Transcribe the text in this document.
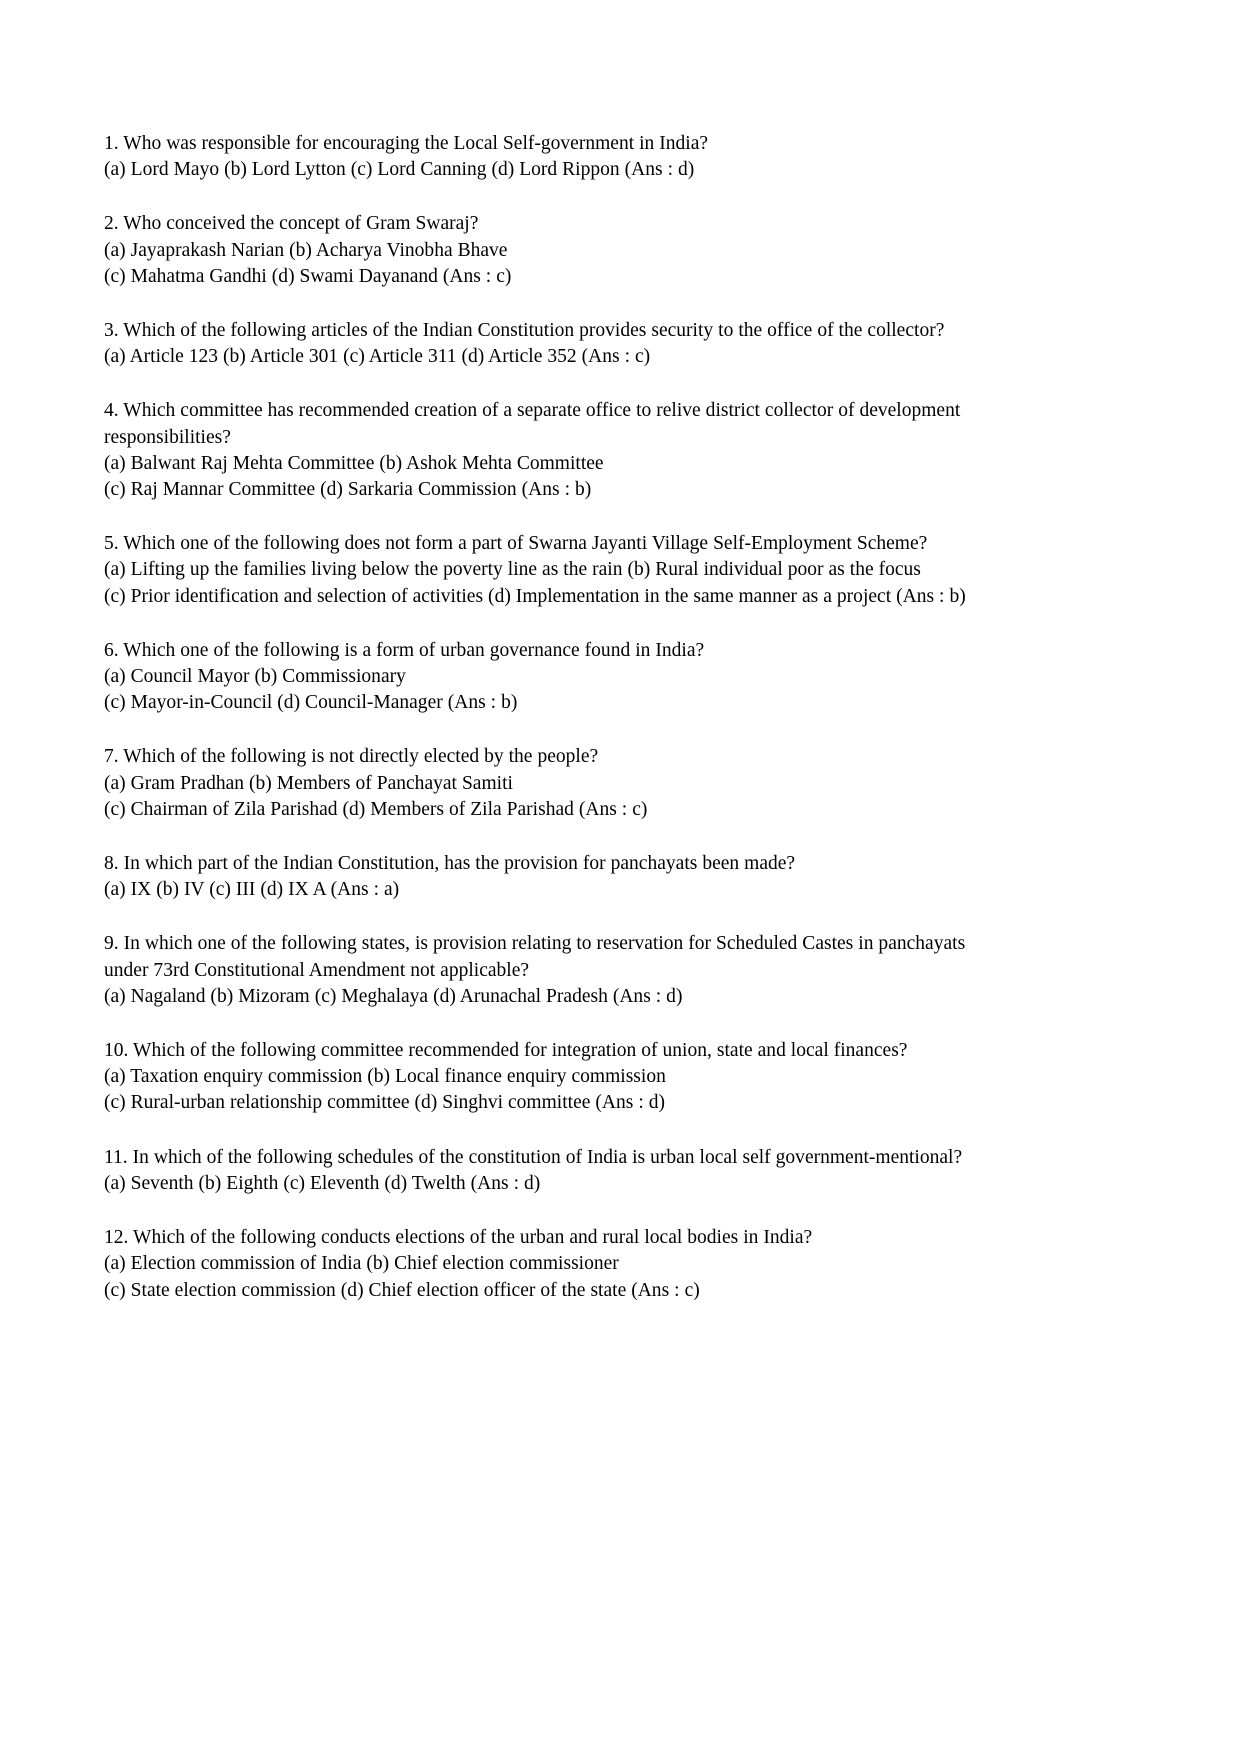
1. Who was responsible for encouraging the Local Self-government in India?
(a) Lord Mayo (b) Lord Lytton (c) Lord Canning (d) Lord Rippon (Ans : d)
2. Who conceived the concept of Gram Swaraj?
(a) Jayaprakash Narian (b) Acharya Vinobha Bhave
(c) Mahatma Gandhi (d) Swami Dayanand (Ans : c)
3. Which of the following articles of the Indian Constitution provides security to the office of the collector?
(a) Article 123 (b) Article 301 (c) Article 311 (d) Article 352 (Ans : c)
4. Which committee has recommended creation of a separate office to relive district collector of development responsibilities?
(a) Balwant Raj Mehta Committee (b) Ashok Mehta Committee
(c) Raj Mannar Committee (d) Sarkaria Commission (Ans : b)
5. Which one of the following does not form a part of Swarna Jayanti Village Self-Employment Scheme?
(a) Lifting up the families living below the poverty line as the rain (b) Rural individual poor as the focus
(c) Prior identification and selection of activities (d) Implementation in the same manner as a project (Ans : b)
6. Which one of the following is a form of urban governance found in India?
(a) Council Mayor (b) Commissionary
(c) Mayor-in-Council (d) Council-Manager (Ans : b)
7. Which of the following is not directly elected by the people?
(a) Gram Pradhan (b) Members of Panchayat Samiti
(c) Chairman of Zila Parishad (d) Members of Zila Parishad (Ans : c)
8. In which part of the Indian Constitution, has the provision for panchayats been made?
(a) IX (b) IV (c) III (d) IX A (Ans : a)
9. In which one of the following states, is provision relating to reservation for Scheduled Castes in panchayats under 73rd Constitutional Amendment not applicable?
(a) Nagaland (b) Mizoram (c) Meghalaya (d) Arunachal Pradesh (Ans : d)
10. Which of the following committee recommended for integration of union, state and local finances?
(a) Taxation enquiry commission (b) Local finance enquiry commission
(c) Rural-urban relationship committee (d) Singhvi committee (Ans : d)
11. In which of the following schedules of the constitution of India is urban local self government-mentional?
(a) Seventh (b) Eighth (c) Eleventh (d) Twelth (Ans : d)
12. Which of the following conducts elections of the urban and rural local bodies in India?
(a) Election commission of India (b) Chief election commissioner
(c) State election commission (d) Chief election officer of the state (Ans : c)
